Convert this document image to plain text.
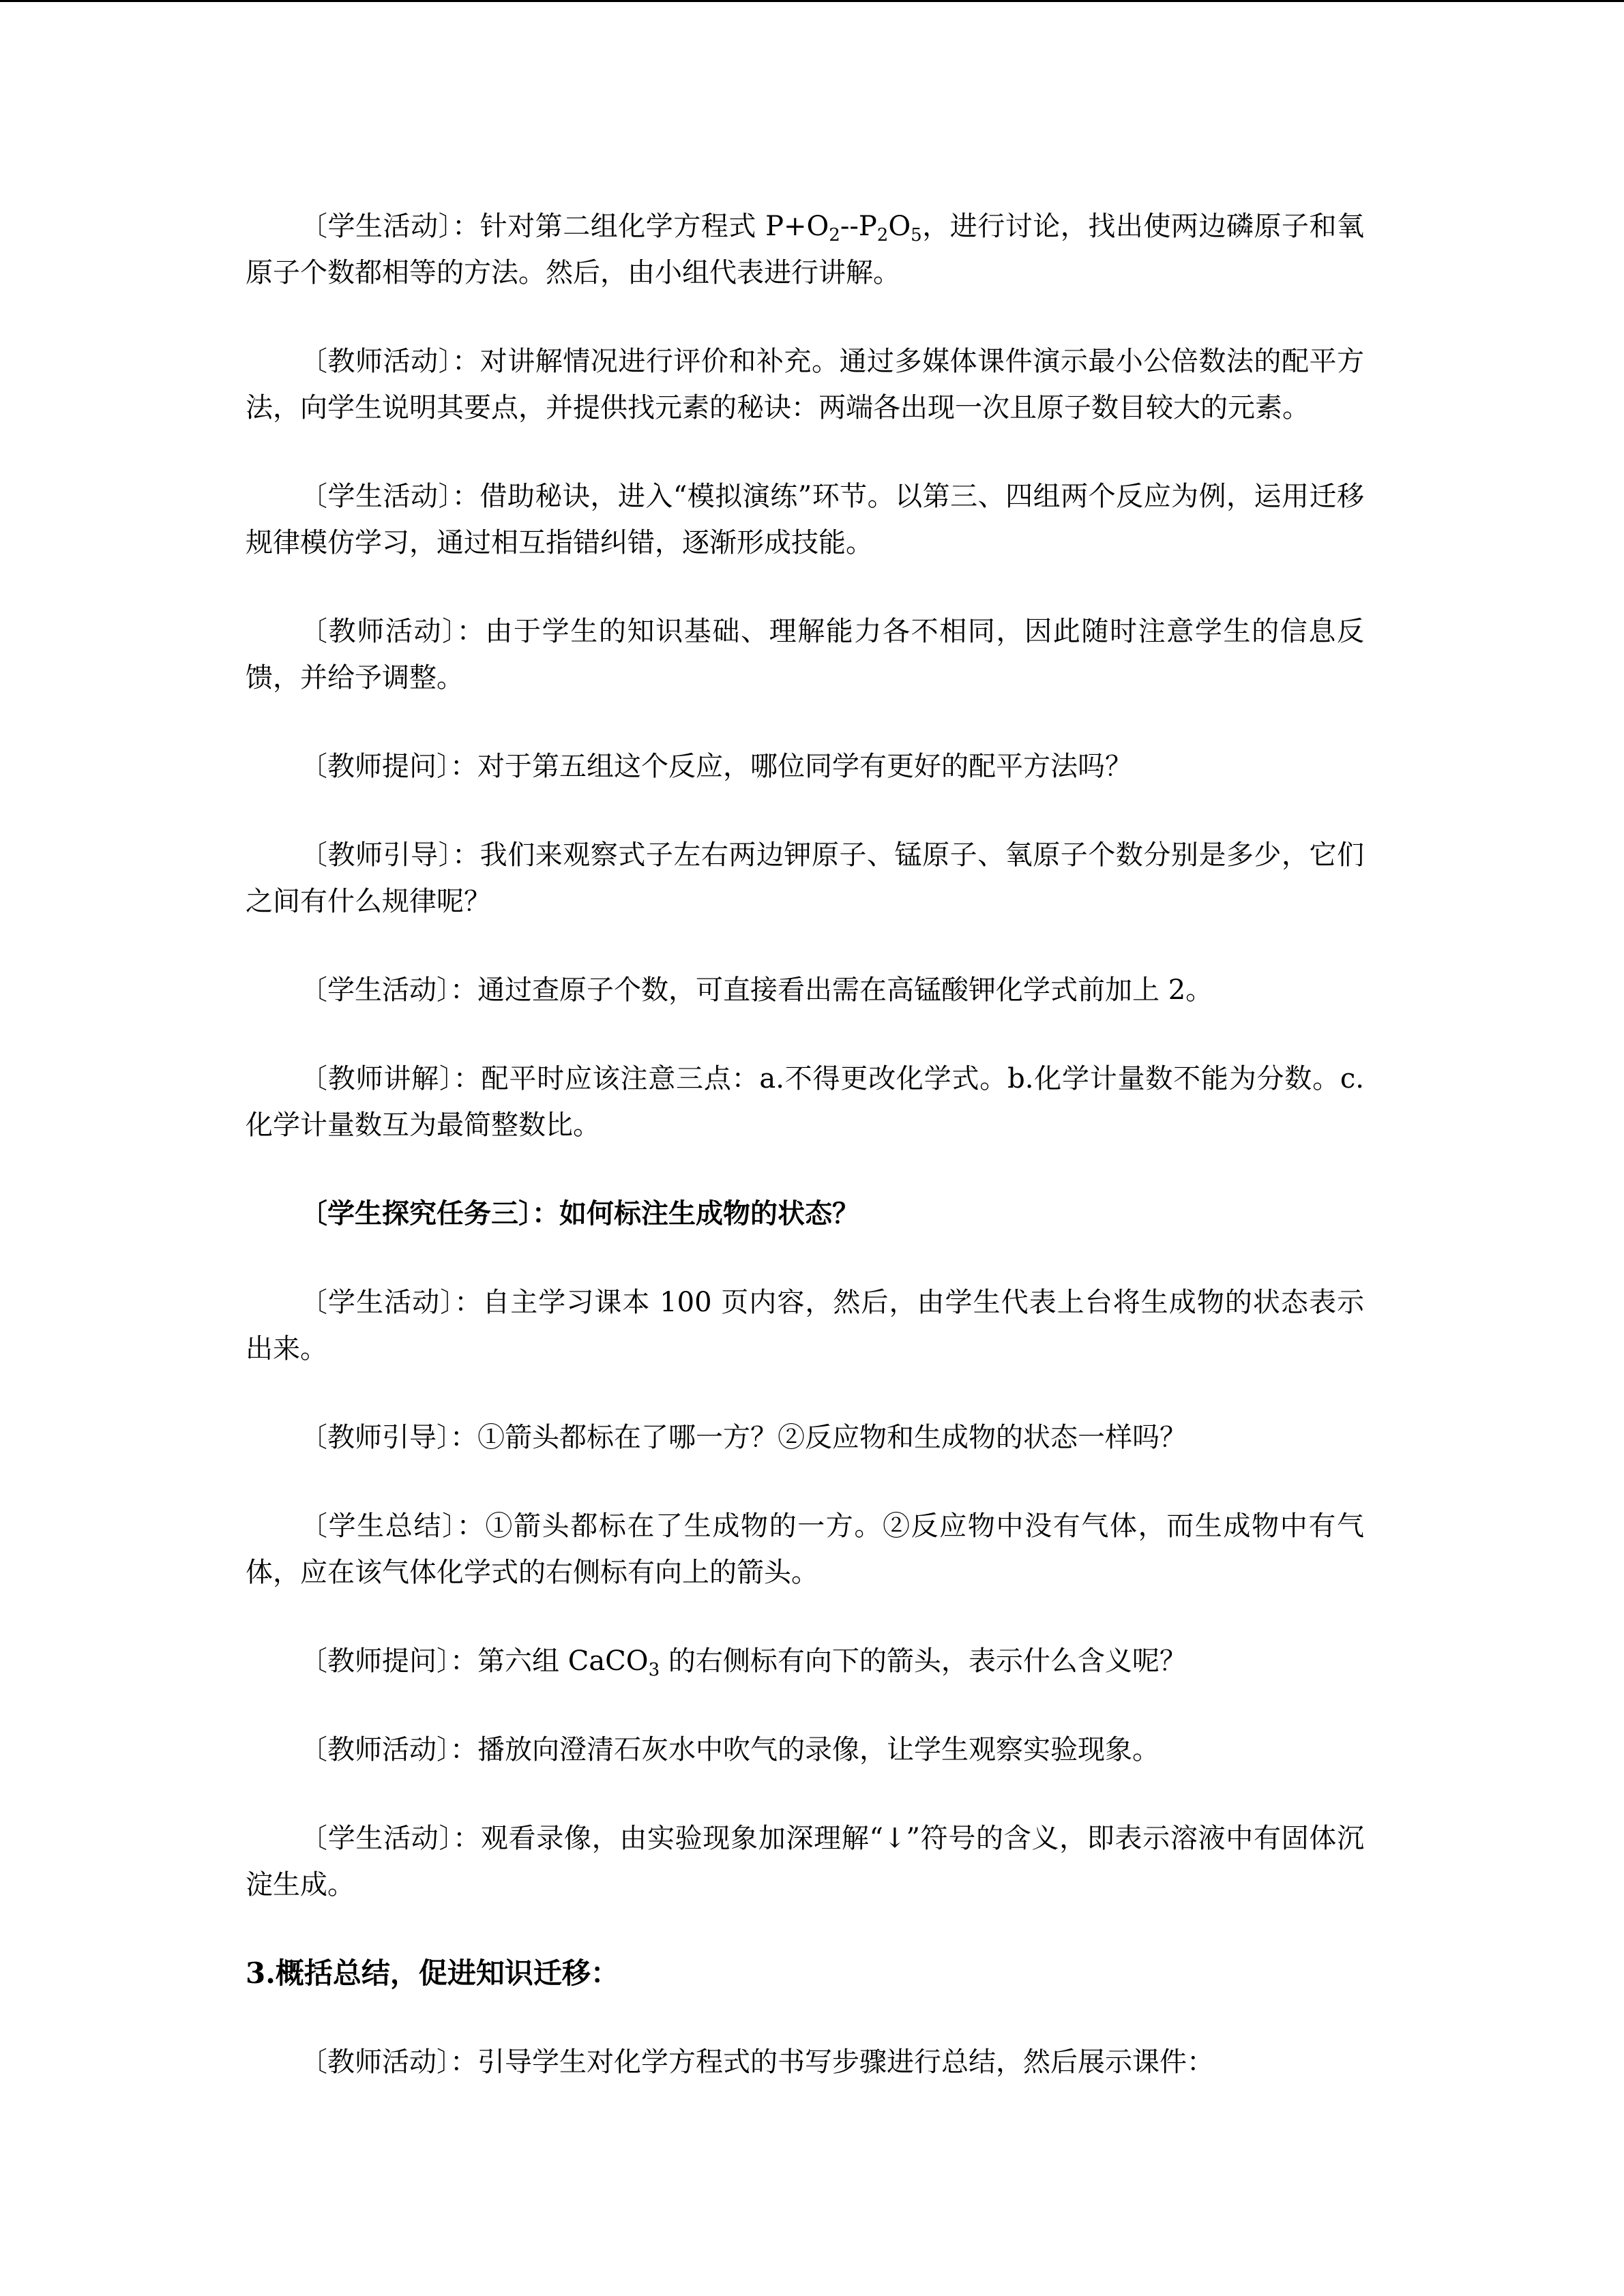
〔学生活动〕：针对第二组化学方程式 $P+O_2--P_2O_5$，进行讨论，找出使两边磷原子和氧原子个数都相等的方法。然后，由小组代表进行讲解。

〔教师活动〕：对讲解情况进行评价和补充。通过多媒体课件演示最小公倍数法的配平方法，向学生说明其要点，并提供找元素的秘诀：两端各出现一次且原子数目较大的元素。

〔学生活动〕：借助秘诀，进入“模拟演练”环节。以第三、四组两个反应为例，运用迁移规律模仿学习，通过相互指错纠错，逐渐形成技能。

〔教师活动〕：由于学生的知识基础、理解能力各不相同，因此随时注意学生的信息反馈，并给予调整。

〔教师提问〕：对于第五组这个反应，哪位同学有更好的配平方法吗？

〔教师引导〕：我们来观察式子左右两边钾原子、锰原子、氧原子个数分别是多少，它们之间有什么规律呢？

〔学生活动〕：通过查原子个数，可直接看出需在高锰酸钾化学式前加上 2。

〔教师讲解〕：配平时应该注意三点：a.不得更改化学式。b.化学计量数不能为分数。c.化学计量数互为最简整数比。

〔学生探究任务三〕：如何标注生成物的状态？

〔学生活动〕：自主学习课本 100 页内容，然后，由学生代表上台将生成物的状态表示出来。

〔教师引导〕：①箭头都标在了哪一方？②反应物和生成物的状态一样吗？

〔学生总结〕：①箭头都标在了生成物的一方。②反应物中没有气体，而生成物中有气体，应在该气体化学式的右侧标有向上的箭头。

〔教师提问〕：第六组 CaCO$_3$ 的右侧标有向下的箭头，表示什么含义呢？

〔教师活动〕：播放向澄清石灰水中吹气的录像，让学生观察实验现象。

〔学生活动〕：观看录像，由实验现象加深理解“↓”符号的含义，即表示溶液中有固体沉淀生成。

3.概括总结，促进知识迁移：

〔教师活动〕：引导学生对化学方程式的书写步骤进行总结，然后展示课件：
